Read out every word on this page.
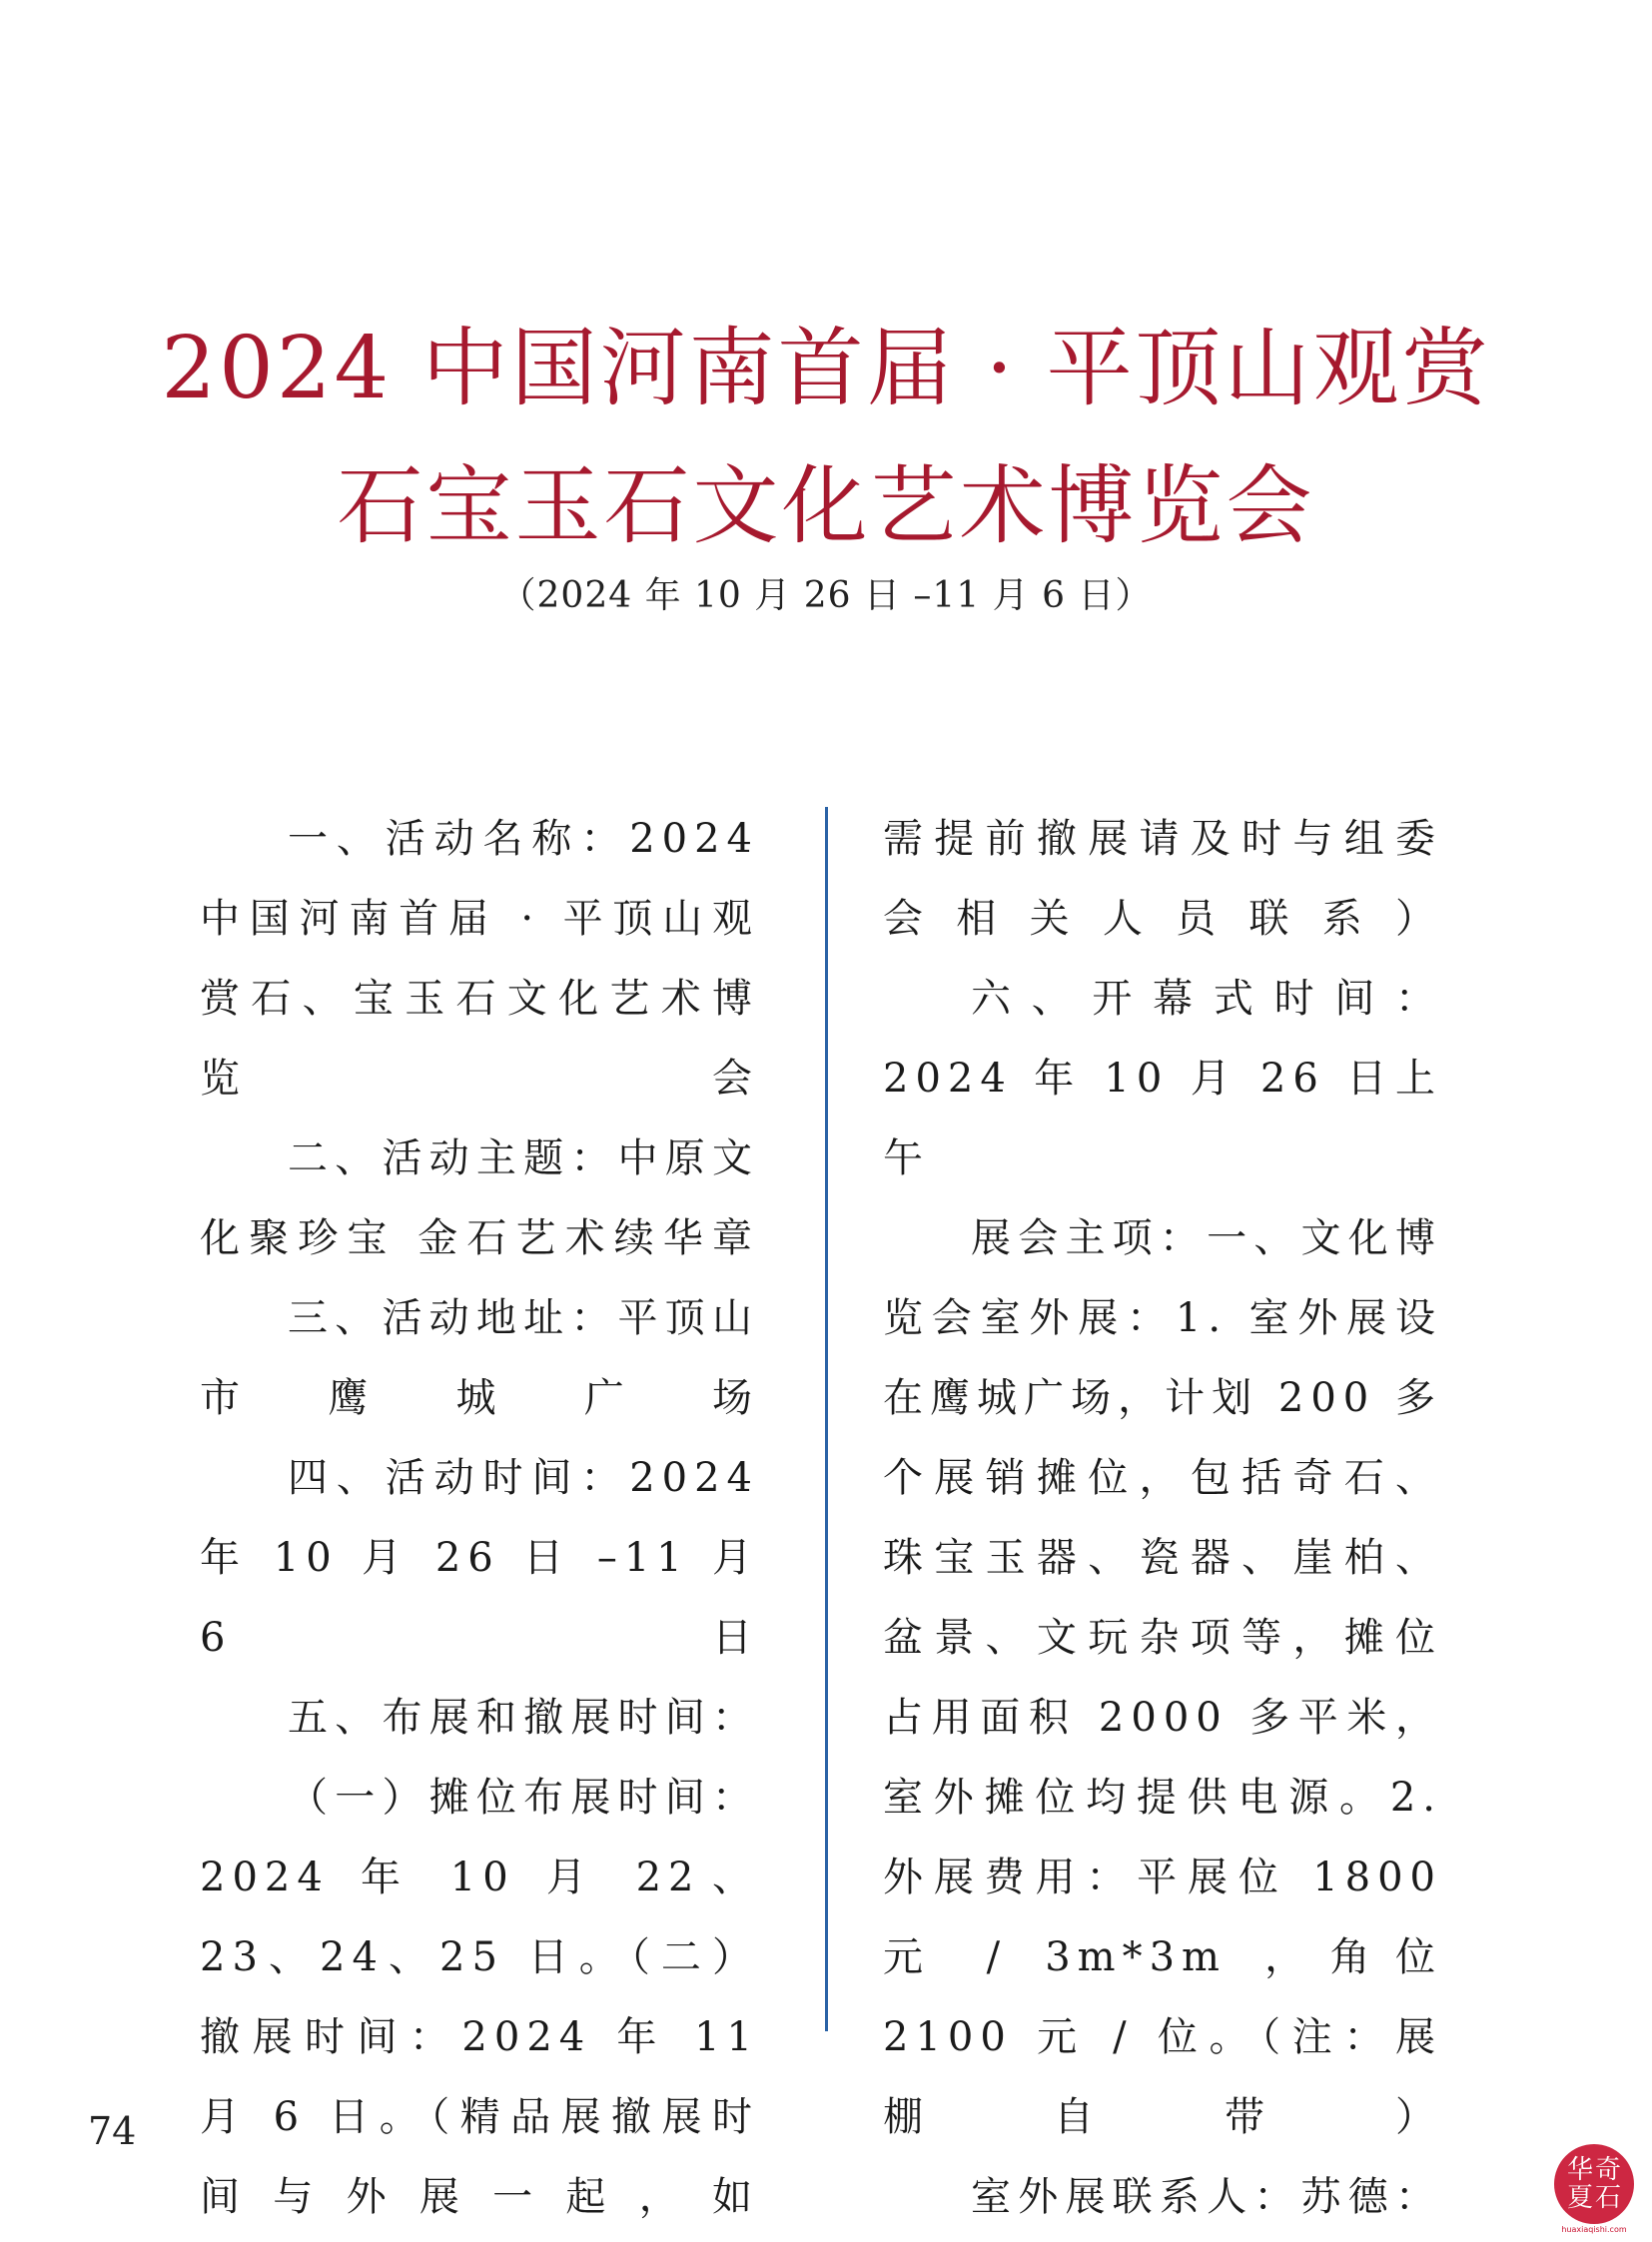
2024 中国河南首届 · 平顶山观赏
石宝玉石文化艺术博览会
（2024 年 10 月 26 日 –11 月 6 日）

一、活动名称：2024 中国河南首届 · 平顶山观赏石、宝玉石文化艺术博览会

二、活动主题：中原文化聚珍宝 金石艺术续华章

三、活动地址：平顶山市鹰城广场

四、活动时间：2024 年 10 月 26 日 –11 月 6 日

五、布展和撤展时间：

（一）摊位布展时间：2024 年 10 月 22、23、24、25 日。（二）撤展时间：2024 年 11 月 6 日。（精品展撤展时间与外展一起，如

需提前撤展请及时与组委会相关人员联系）

六、开幕式时间：2024 年 10 月 26 日上午

展会主项：一、文化博览会室外展：1. 室外展设在鹰城广场，计划 200 多个展销摊位，包括奇石、珠宝玉器、瓷器、崖柏、盆景、文玩杂项等，摊位占用面积 2000 多平米，室外摊位均提供电源。2. 外展费用：平展位 1800 元 / 3m*3m ，角位 2100 元 / 位。（注：展棚自带）

室外展联系人：苏德：

74
华 奇
夏 石
huaxiaqishi.com
